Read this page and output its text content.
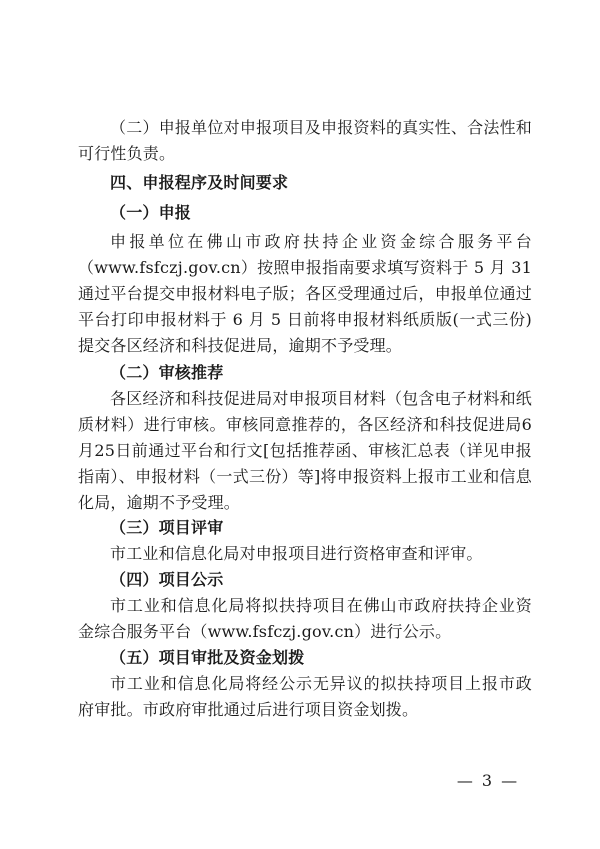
（二）申报单位对申报项目及申报资料的真实性、合法性和
可行性负责。
四、申报程序及时间要求
（一）申报
申报单位在佛山市政府扶持企业资金综合服务平台
（www.fsfczj.gov.cn）按照申报指南要求填写资料于 5 月 31
通过平台提交申报材料电子版；各区受理通过后，申报单位通过
平台打印申报材料于 6 月 5 日前将申报材料纸质版(一式三份)
提交各区经济和科技促进局，逾期不予受理。
（二）审核推荐
各区经济和科技促进局对申报项目材料（包含电子材料和纸
质材料）进行审核。审核同意推荐的，各区经济和科技促进局6
月25日前通过平台和行文[包括推荐函、审核汇总表（详见申报
指南）、申报材料（一式三份）等]将申报资料上报市工业和信息
化局，逾期不予受理。
（三）项目评审
市工业和信息化局对申报项目进行资格审查和评审。
（四）项目公示
市工业和信息化局将拟扶持项目在佛山市政府扶持企业资
金综合服务平台（www.fsfczj.gov.cn）进行公示。
（五）项目审批及资金划拨
市工业和信息化局将经公示无异议的拟扶持项目上报市政
府审批。市政府审批通过后进行项目资金划拨。
— 3 —
